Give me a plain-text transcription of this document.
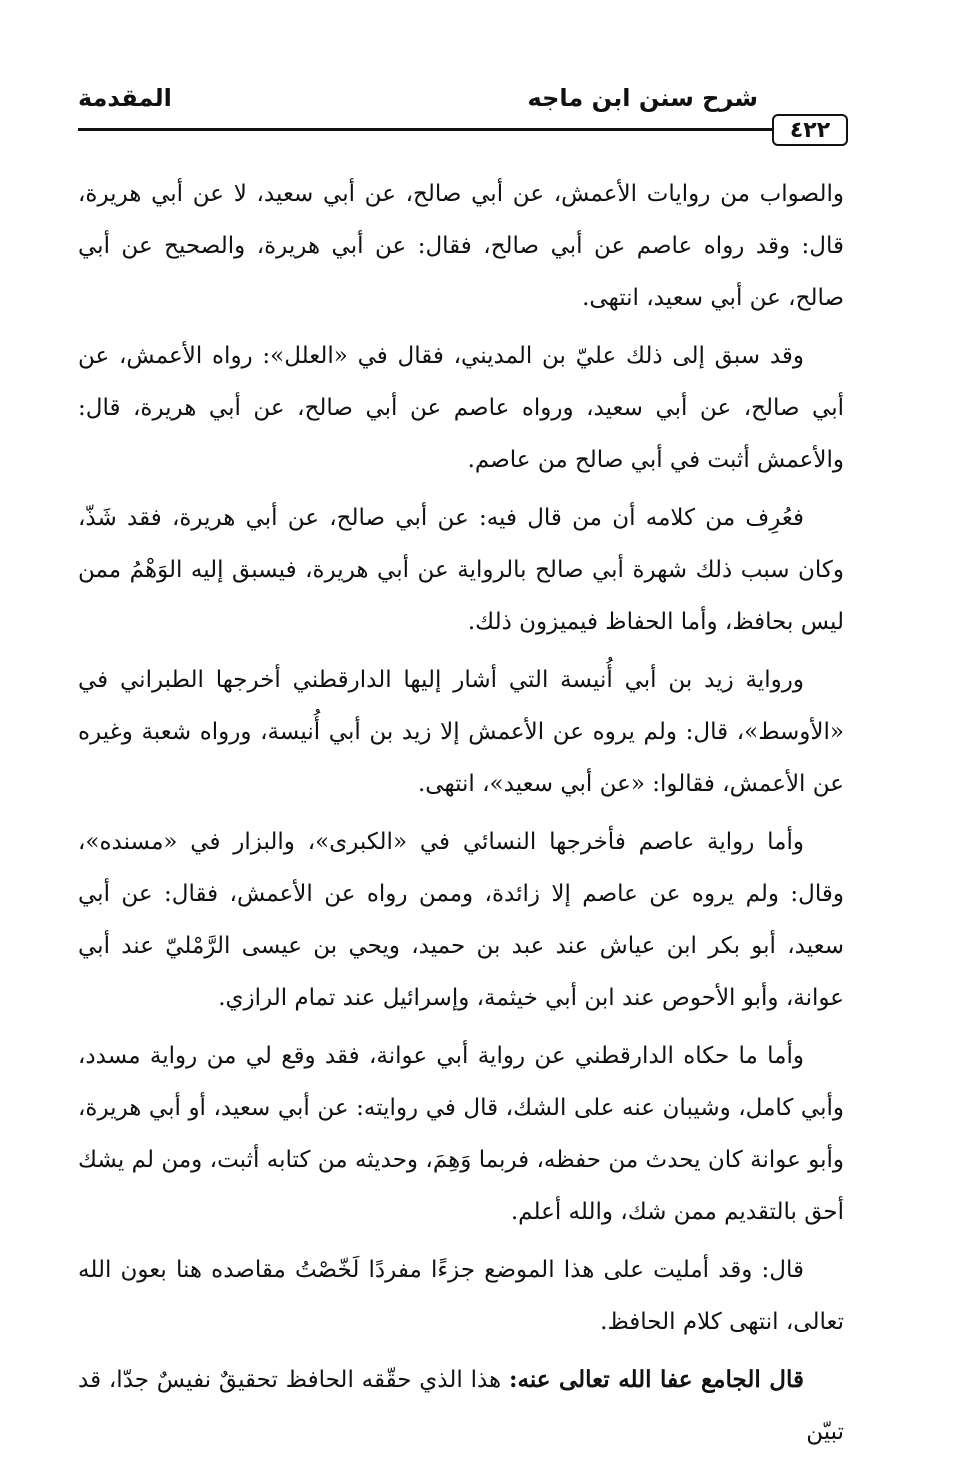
٤٢٢
شرح سنن ابن ماجه
المقدمة

والصواب من روايات الأعمش، عن أبي صالح، عن أبي سعيد، لا عن أبي هريرة، قال: وقد رواه عاصم عن أبي صالح، فقال: عن أبي هريرة، والصحيح عن أبي صالح، عن أبي سعيد، انتهى.

وقد سبق إلى ذلك عليّ بن المديني، فقال في «العلل»: رواه الأعمش، عن أبي صالح، عن أبي سعيد، ورواه عاصم عن أبي صالح، عن أبي هريرة، قال: والأعمش أثبت في أبي صالح من عاصم.

فعُرِف من كلامه أن من قال فيه: عن أبي صالح، عن أبي هريرة، فقد شَذّ، وكان سبب ذلك شهرة أبي صالح بالرواية عن أبي هريرة، فيسبق إليه الوَهْمُ ممن ليس بحافظ، وأما الحفاظ فيميزون ذلك.

ورواية زيد بن أبي أُنيسة التي أشار إليها الدارقطني أخرجها الطبراني في «الأوسط»، قال: ولم يروه عن الأعمش إلا زيد بن أبي أُنيسة، ورواه شعبة وغيره عن الأعمش، فقالوا: «عن أبي سعيد»، انتهى.

وأما رواية عاصم فأخرجها النسائي في «الكبرى»، والبزار في «مسنده»، وقال: ولم يروه عن عاصم إلا زائدة، وممن رواه عن الأعمش، فقال: عن أبي سعيد، أبو بكر ابن عياش عند عبد بن حميد، ويحي بن عيسى الرَّمْليّ عند أبي عوانة، وأبو الأحوص عند ابن أبي خيثمة، وإسرائيل عند تمام الرازي.

وأما ما حكاه الدارقطني عن رواية أبي عوانة، فقد وقع لي من رواية مسدد، وأبي كامل، وشيبان عنه على الشك، قال في روايته: عن أبي سعيد، أو أبي هريرة، وأبو عوانة كان يحدث من حفظه، فربما وَهِمَ، وحديثه من كتابه أثبت، ومن لم يشك أحق بالتقديم ممن شك، والله أعلم.

قال: وقد أمليت على هذا الموضع جزءًا مفردًا لَخّصْتُ مقاصده هنا بعون الله تعالى، انتهى كلام الحافظ.

قال الجامع عفا الله تعالى عنه: هذا الذي حقّقه الحافظ تحقيقٌ نفيسٌ جدّا، قد تبيّن
